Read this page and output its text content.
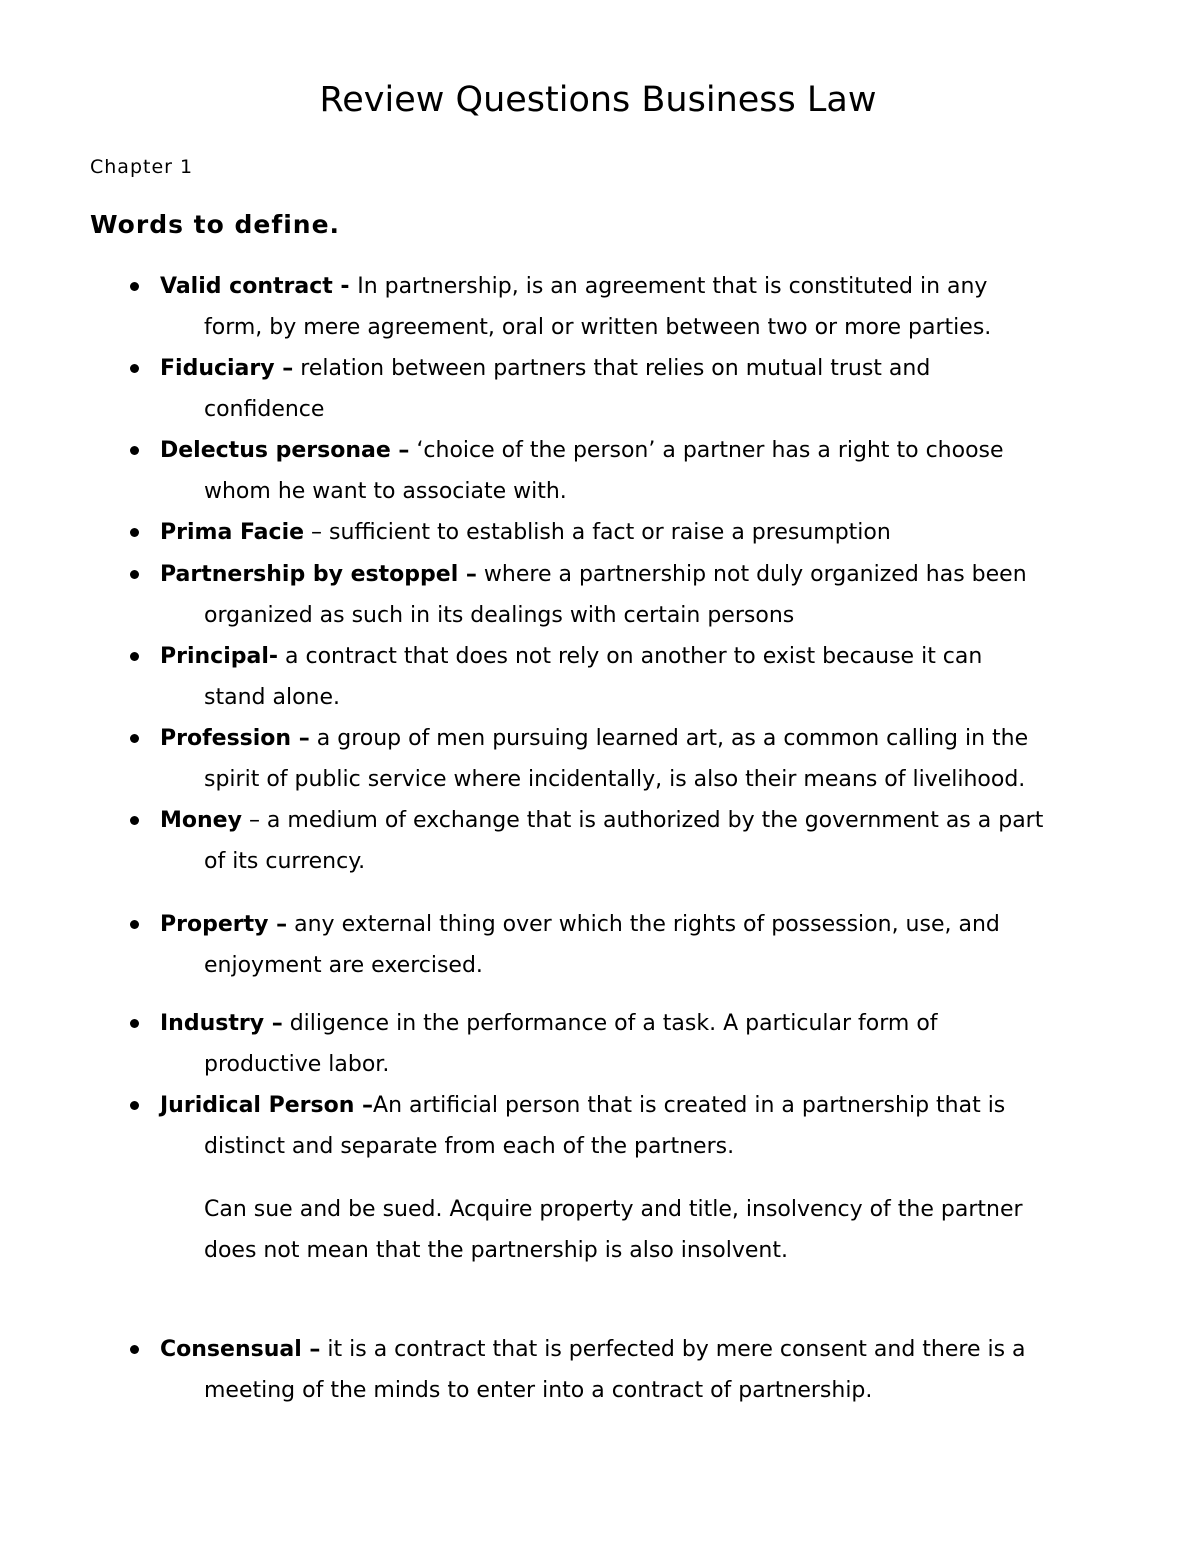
Review Questions Business Law

Chapter 1

Words to define.
Valid contract - In partnership, is an agreement that is constituted in any
form, by mere agreement, oral or written between two or more parties.
Fiduciary – relation between partners that relies on mutual trust and
confidence
Delectus personae – ‘choice of the person’ a partner has a right to choose
whom he want to associate with.
Prima Facie – sufficient to establish a fact or raise a presumption
Partnership by estoppel – where a partnership not duly organized has been
organized as such in its dealings with certain persons
Principal- a contract that does not rely on another to exist because it can
stand alone.
Profession – a group of men pursuing learned art, as a common calling in the
spirit of public service where incidentally, is also their means of livelihood.
Money – a medium of exchange that is authorized by the government as a part
of its currency.
Property – any external thing over which the rights of possession, use, and
enjoyment are exercised.
Industry – diligence in the performance of a task. A particular form of
productive labor.
Juridical Person –An artificial person that is created in a partnership that is
distinct and separate from each of the partners.
Consensual – it is a contract that is perfected by mere consent and there is a
meeting of the minds to enter into a contract of partnership.

Can sue and be sued. Acquire property and title, insolvency of the partner

does not mean that the partnership is also insolvent.
